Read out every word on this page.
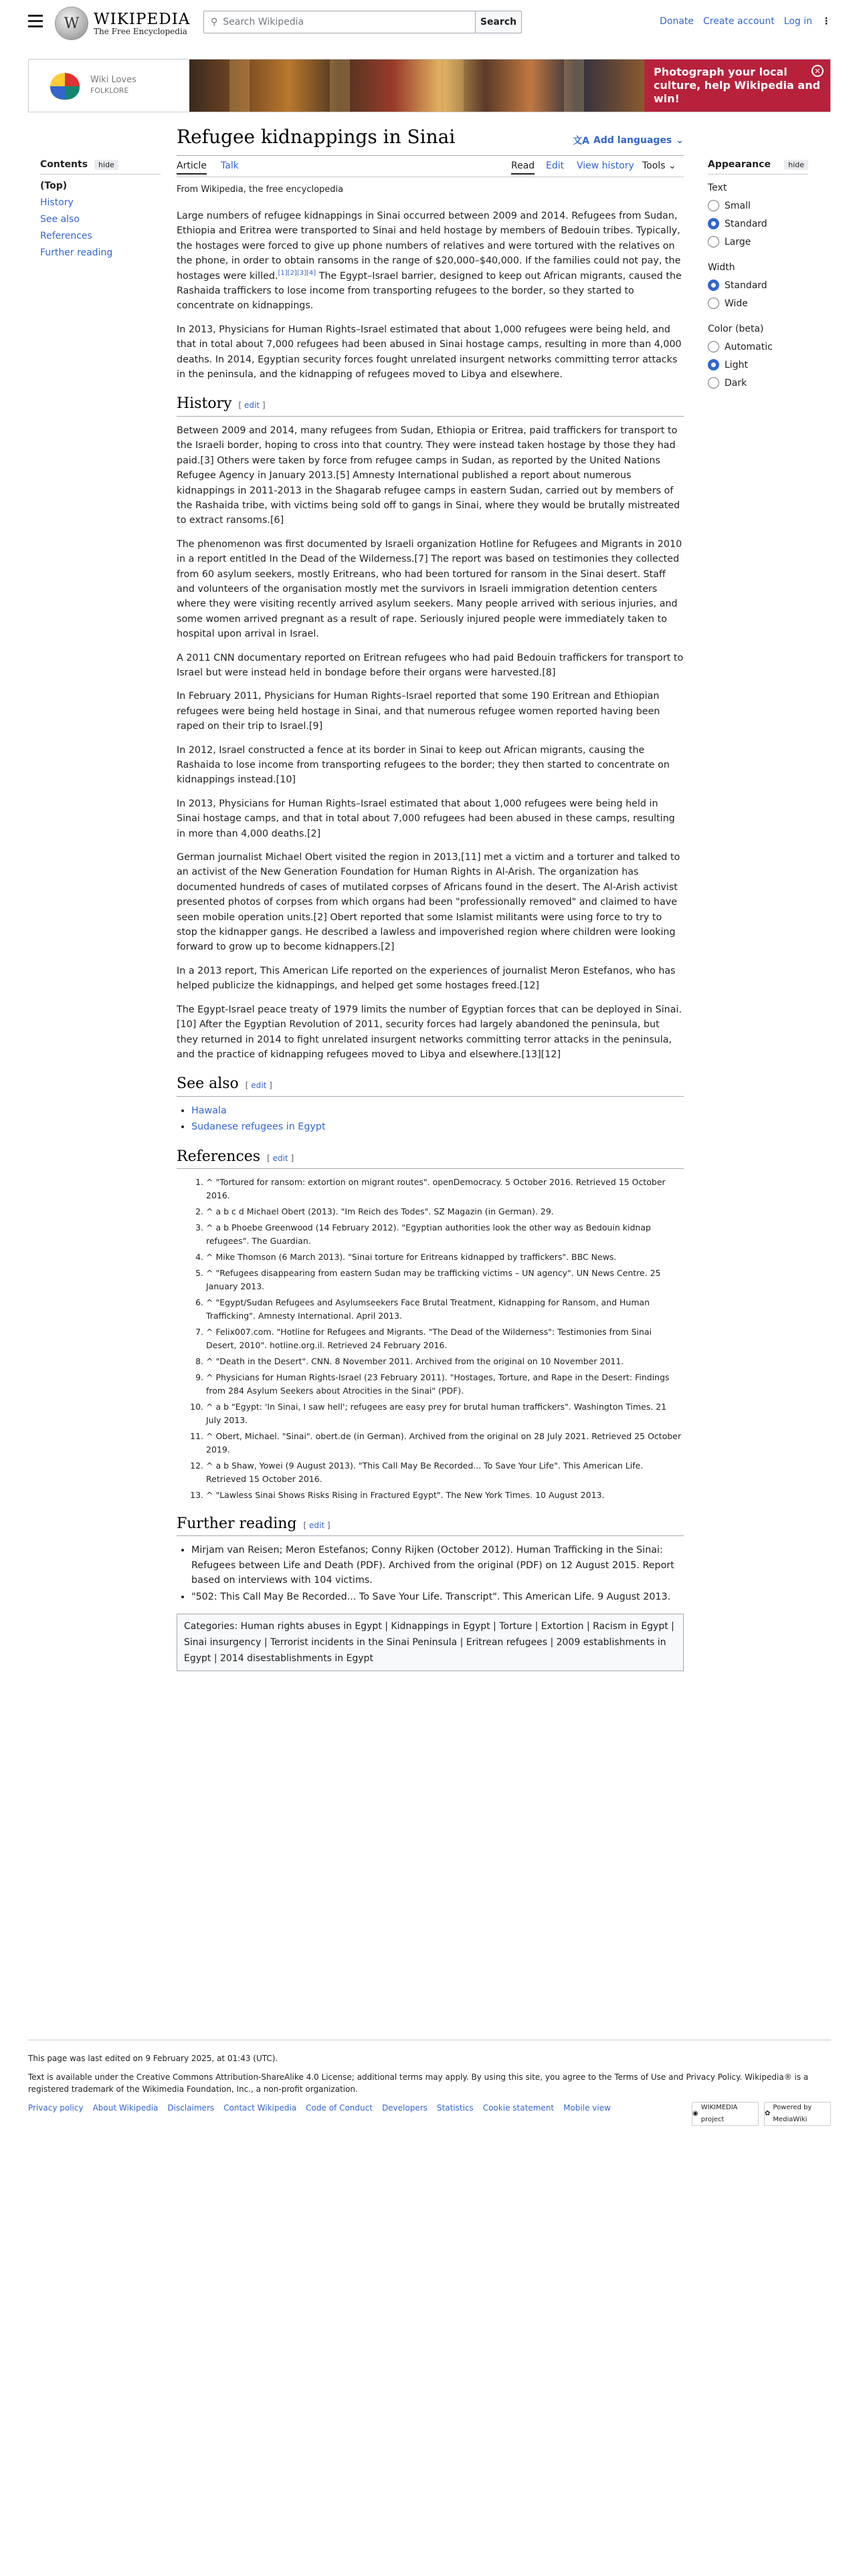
W WIKIPEDIA
The Free Encyclopedia
⚲ Search Wikipedia	Search	Donate Create account Log in ⋮
Wiki Loves
FOLKLORE
Photograph your local culture, help Wikipedia and win!
✕
Refugee kidnappings in Sinai	文A Add languages ⌄
Article Talk	Read Edit View history Tools ⌄
From Wikipedia, the free encyclopedia
Contents	hide
(Top)
History
See also
References
Further reading
Appearance	hide
Text
Small
Standard
Large
Width
Standard
Wide
Color (beta)
Automatic
Light
Dark

Large numbers of refugee kidnappings in Sinai occurred between 2009 and 2014. Refugees from Sudan, Ethiopia and Eritrea were transported to Sinai and held hostage by members of Bedouin tribes. Typically, the hostages were forced to give up phone numbers of relatives and were tortured with the relatives on the phone, in order to obtain ransoms in the range of $20,000–$40,000. If the families could not pay, the hostages were killed.[1][2][3][4] The Egypt–Israel barrier, designed to keep out African migrants, caused the Rashaida traffickers to lose income from transporting refugees to the border, so they started to concentrate on kidnappings.

In 2013, Physicians for Human Rights–Israel estimated that about 1,000 refugees were being held, and that in total about 7,000 refugees had been abused in Sinai hostage camps, resulting in more than 4,000 deaths. In 2014, Egyptian security forces fought unrelated insurgent networks committing terror attacks in the peninsula, and the kidnapping of refugees moved to Libya and elsewhere.

History [ edit ]

Between 2009 and 2014, many refugees from Sudan, Ethiopia or Eritrea, paid traffickers for transport to the Israeli border, hoping to cross into that country. They were instead taken hostage by those they had paid.[3] Others were taken by force from refugee camps in Sudan, as reported by the United Nations Refugee Agency in January 2013.[5] Amnesty International published a report about numerous kidnappings in 2011-2013 in the Shagarab refugee camps in eastern Sudan, carried out by members of the Rashaida tribe, with victims being sold off to gangs in Sinai, where they would be brutally mistreated to extract ransoms.[6]

The phenomenon was first documented by Israeli organization Hotline for Refugees and Migrants in 2010 in a report entitled In the Dead of the Wilderness.[7] The report was based on testimonies they collected from 60 asylum seekers, mostly Eritreans, who had been tortured for ransom in the Sinai desert. Staff and volunteers of the organisation mostly met the survivors in Israeli immigration detention centers where they were visiting recently arrived asylum seekers. Many people arrived with serious injuries, and some women arrived pregnant as a result of rape. Seriously injured people were immediately taken to hospital upon arrival in Israel.

A 2011 CNN documentary reported on Eritrean refugees who had paid Bedouin traffickers for transport to Israel but were instead held in bondage before their organs were harvested.[8]

In February 2011, Physicians for Human Rights–Israel reported that some 190 Eritrean and Ethiopian refugees were being held hostage in Sinai, and that numerous refugee women reported having been raped on their trip to Israel.[9]

In 2012, Israel constructed a fence at its border in Sinai to keep out African migrants, causing the Rashaida to lose income from transporting refugees to the border; they then started to concentrate on kidnappings instead.[10]

In 2013, Physicians for Human Rights–Israel estimated that about 1,000 refugees were being held in Sinai hostage camps, and that in total about 7,000 refugees had been abused in these camps, resulting in more than 4,000 deaths.[2]

German journalist Michael Obert visited the region in 2013,[11] met a victim and a torturer and talked to an activist of the New Generation Foundation for Human Rights in Al-Arish. The organization has documented hundreds of cases of mutilated corpses of Africans found in the desert. The Al-Arish activist presented photos of corpses from which organs had been "professionally removed" and claimed to have seen mobile operation units.[2] Obert reported that some Islamist militants were using force to try to stop the kidnapper gangs. He described a lawless and impoverished region where children were looking forward to grow up to become kidnappers.[2]

In a 2013 report, This American Life reported on the experiences of journalist Meron Estefanos, who has helped publicize the kidnappings, and helped get some hostages freed.[12]

The Egypt-Israel peace treaty of 1979 limits the number of Egyptian forces that can be deployed in Sinai.[10] After the Egyptian Revolution of 2011, security forces had largely abandoned the peninsula, but they returned in 2014 to fight unrelated insurgent networks committing terror attacks in the peninsula, and the practice of kidnapping refugees moved to Libya and elsewhere.[13][12]

See also [ edit ]
• Hawala
• Sudanese refugees in Egypt
References [ edit ]
1. ^ "Tortured for ransom: extortion on migrant routes". openDemocracy. 5 October 2016. Retrieved 15 October 2016.
2. ^ a b c d Michael Obert (2013). "Im Reich des Todes". SZ Magazin (in German). 29.
3. ^ a b Phoebe Greenwood (14 February 2012). "Egyptian authorities look the other way as Bedouin kidnap refugees". The Guardian.
4. ^ Mike Thomson (6 March 2013). "Sinai torture for Eritreans kidnapped by traffickers". BBC News.
5. ^ "Refugees disappearing from eastern Sudan may be trafficking victims – UN agency". UN News Centre. 25 January 2013.
6. ^ "Egypt/Sudan Refugees and Asylumseekers Face Brutal Treatment, Kidnapping for Ransom, and Human Trafficking". Amnesty International. April 2013.
7. ^ Felix007.com. "Hotline for Refugees and Migrants. "The Dead of the Wilderness": Testimonies from Sinai Desert, 2010". hotline.org.il. Retrieved 24 February 2016.
8. ^ "Death in the Desert". CNN. 8 November 2011. Archived from the original on 10 November 2011.
9. ^ Physicians for Human Rights-Israel (23 February 2011). "Hostages, Torture, and Rape in the Desert: Findings from 284 Asylum Seekers about Atrocities in the Sinai" (PDF).
10. ^ a b "Egypt: 'In Sinai, I saw hell'; refugees are easy prey for brutal human traffickers". Washington Times. 21 July 2013.
11. ^ Obert, Michael. "Sinai". obert.de (in German). Archived from the original on 28 July 2021. Retrieved 25 October 2019.
12. ^ a b Shaw, Yowei (9 August 2013). "This Call May Be Recorded... To Save Your Life". This American Life. Retrieved 15 October 2016.
13. ^ "Lawless Sinai Shows Risks Rising in Fractured Egypt". The New York Times. 10 August 2013.
Further reading [ edit ]
• Mirjam van Reisen; Meron Estefanos; Conny Rijken (October 2012). Human Trafficking in the Sinai: Refugees between Life and Death (PDF). Archived from the original (PDF) on 12 August 2015. Report based on interviews with 104 victims.
• "502: This Call May Be Recorded... To Save Your Life. Transcript". This American Life. 9 August 2013.
Categories: Human rights abuses in Egypt | Kidnappings in Egypt | Torture | Extortion | Racism in Egypt | Sinai insurgency | Terrorist incidents in the Sinai Peninsula | Eritrean refugees | 2009 establishments in Egypt | 2014 disestablishments in Egypt

This page was last edited on 9 February 2025, at 01:43 (UTC).

Text is available under the Creative Commons Attribution-ShareAlike 4.0 License; additional terms may apply. By using this site, you agree to the Terms of Use and Privacy Policy. Wikipedia® is a registered trademark of the Wikimedia Foundation, Inc., a non-profit organization.

Privacy policy About Wikipedia Disclaimers Contact Wikipedia Code of Conduct Developers Statistics Cookie statement Mobile view
◉
WIKIMEDIA project
✿
Powered by MediaWiki
